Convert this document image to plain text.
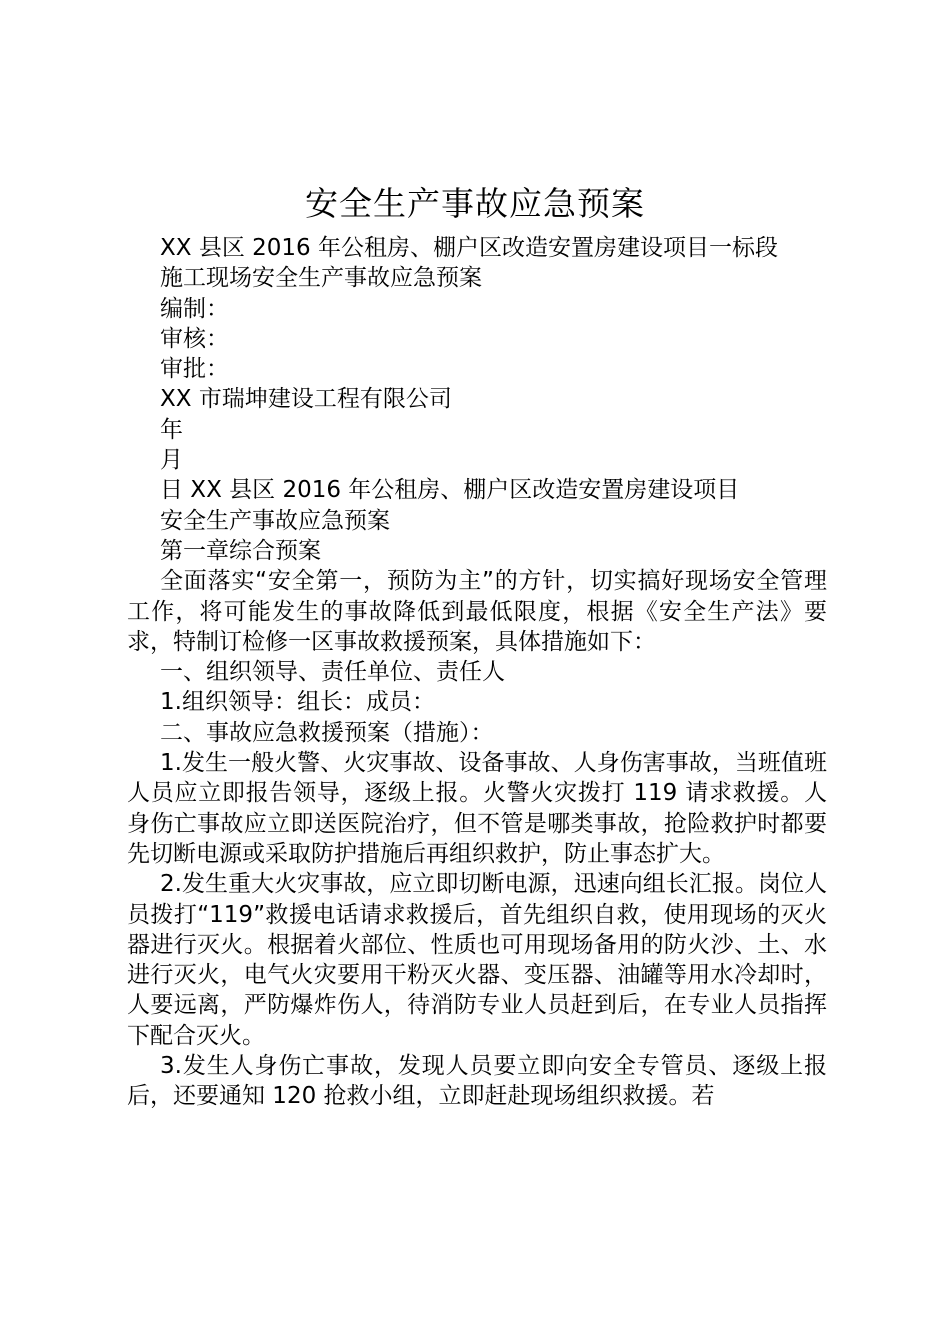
安全生产事故应急预案

XX 县区 2016 年公租房、棚户区改造安置房建设项目一标段

施工现场安全生产事故应急预案

编制：

审核：

审批：

XX 市瑞坤建设工程有限公司

年

月

日 XX 县区 2016 年公租房、棚户区改造安置房建设项目

安全生产事故应急预案

第一章综合预案

全面落实“安全第一，预防为主”的方针，切实搞好现场安全管理工作，将可能发生的事故降低到最低限度，根据《安全生产法》要求，特制订检修一区事故救援预案，具体措施如下：

一、组织领导、责任单位、责任人

1.组织领导：组长：成员：

二、事故应急救援预案（措施）：

1.发生一般火警、火灾事故、设备事故、人身伤害事故，当班值班人员应立即报告领导，逐级上报。火警火灾拨打 119 请求救援。人身伤亡事故应立即送医院治疗，但不管是哪类事故，抢险救护时都要先切断电源或采取防护措施后再组织救护，防止事态扩大。

2.发生重大火灾事故，应立即切断电源，迅速向组长汇报。岗位人员拨打“119”救援电话请求救援后，首先组织自救，使用现场的灭火器进行灭火。根据着火部位、性质也可用现场备用的防火沙、土、水进行灭火，电气火灾要用干粉灭火器、变压器、油罐等用水冷却时，人要远离，严防爆炸伤人，待消防专业人员赶到后，在专业人员指挥下配合灭火。

3.发生人身伤亡事故，发现人员要立即向安全专管员、逐级上报后，还要通知 120 抢救小组，立即赶赴现场组织救援。若
